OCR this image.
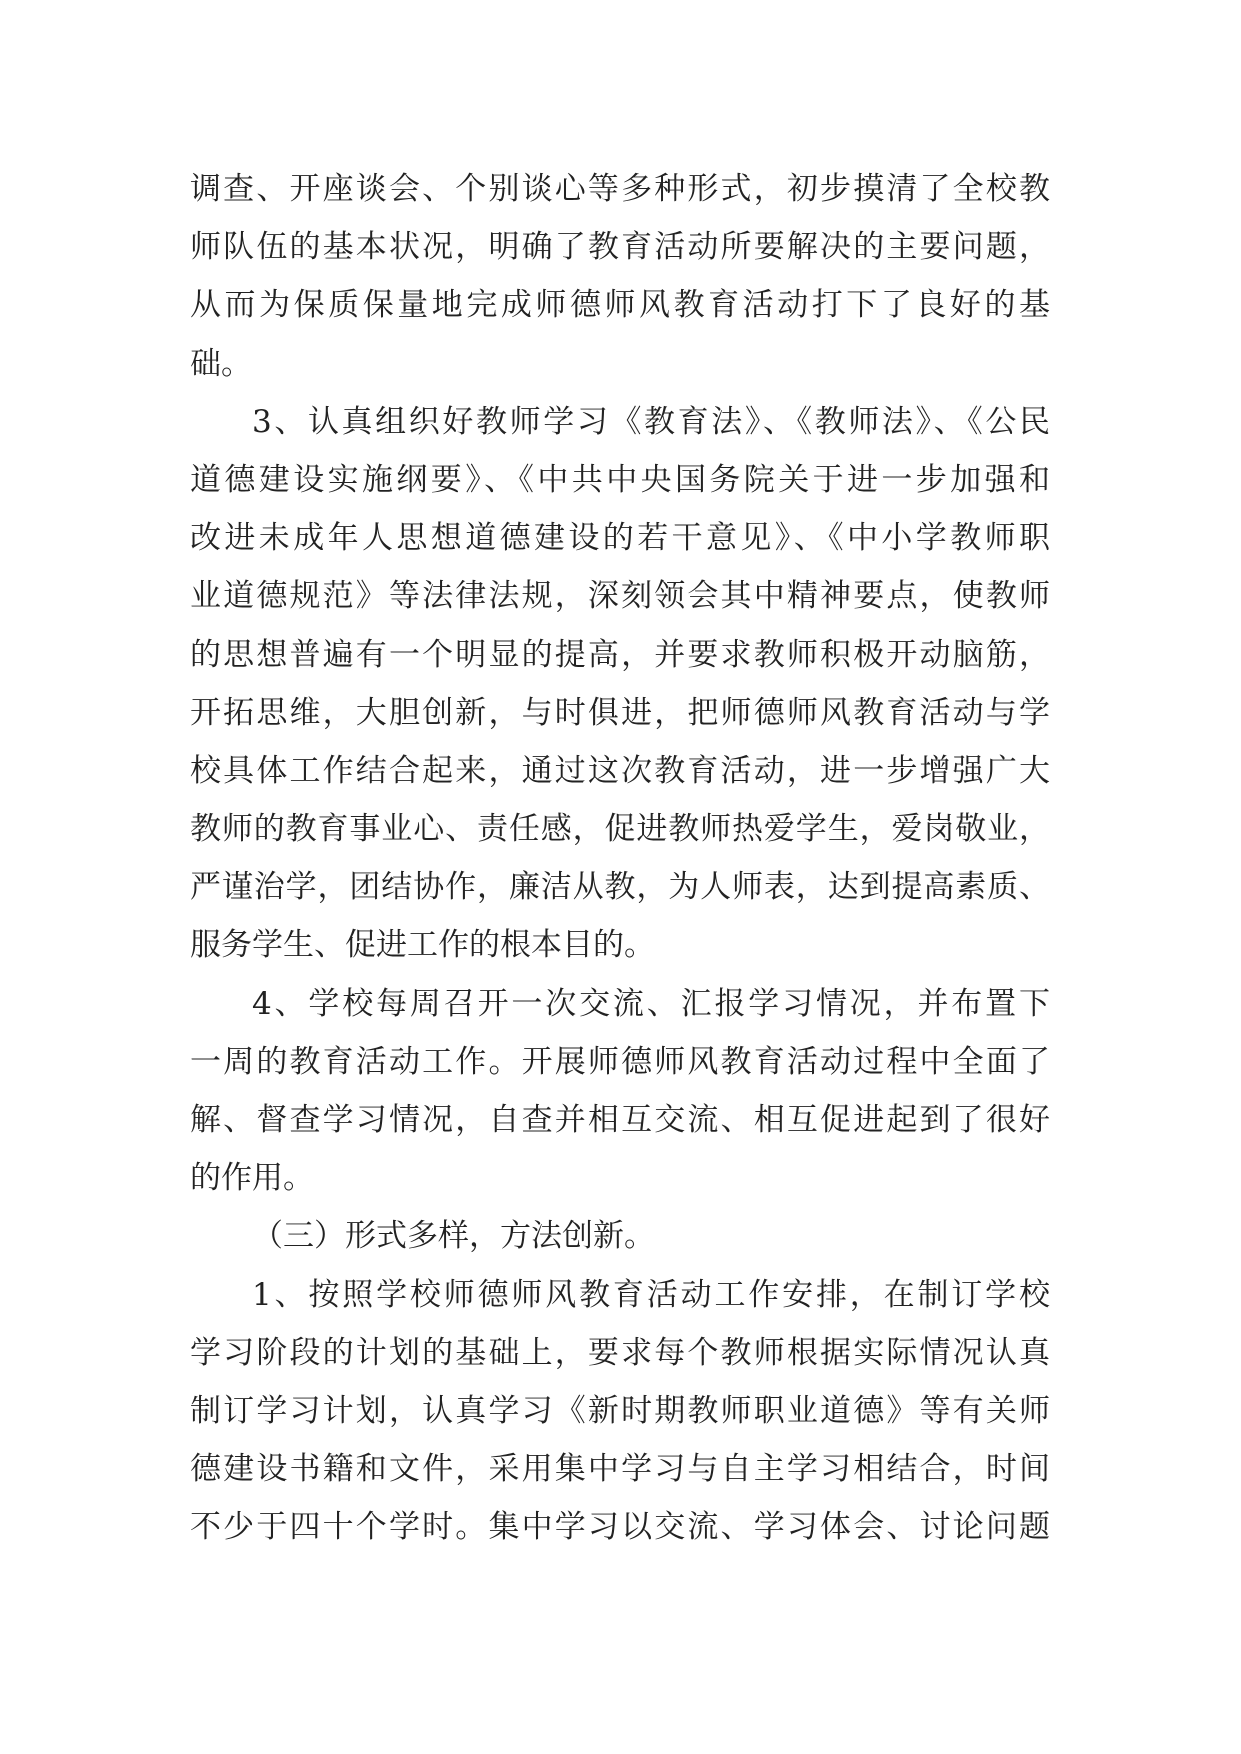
调查、开座谈会、个别谈心等多种形式，初步摸清了全校教
师队伍的基本状况，明确了教育活动所要解决的主要问题，
从而为保质保量地完成师德师风教育活动打下了良好的基
础。
3、认真组织好教师学习《教育法》、《教师法》、《公民
道德建设实施纲要》、《中共中央国务院关于进一步加强和
改进未成年人思想道德建设的若干意见》、《中小学教师职
业道德规范》等法律法规，深刻领会其中精神要点，使教师
的思想普遍有一个明显的提高，并要求教师积极开动脑筋，
开拓思维，大胆创新，与时俱进，把师德师风教育活动与学
校具体工作结合起来，通过这次教育活动，进一步增强广大
教师的教育事业心、责任感，促进教师热爱学生，爱岗敬业，
严谨治学，团结协作，廉洁从教，为人师表，达到提高素质、
服务学生、促进工作的根本目的。
4、学校每周召开一次交流、汇报学习情况，并布置下
一周的教育活动工作。开展师德师风教育活动过程中全面了
解、督查学习情况，自查并相互交流、相互促进起到了很好
的作用。
（三）形式多样，方法创新。
1、按照学校师德师风教育活动工作安排，在制订学校
学习阶段的计划的基础上，要求每个教师根据实际情况认真
制订学习计划，认真学习《新时期教师职业道德》等有关师
德建设书籍和文件，采用集中学习与自主学习相结合，时间
不少于四十个学时。集中学习以交流、学习体会、讨论问题
